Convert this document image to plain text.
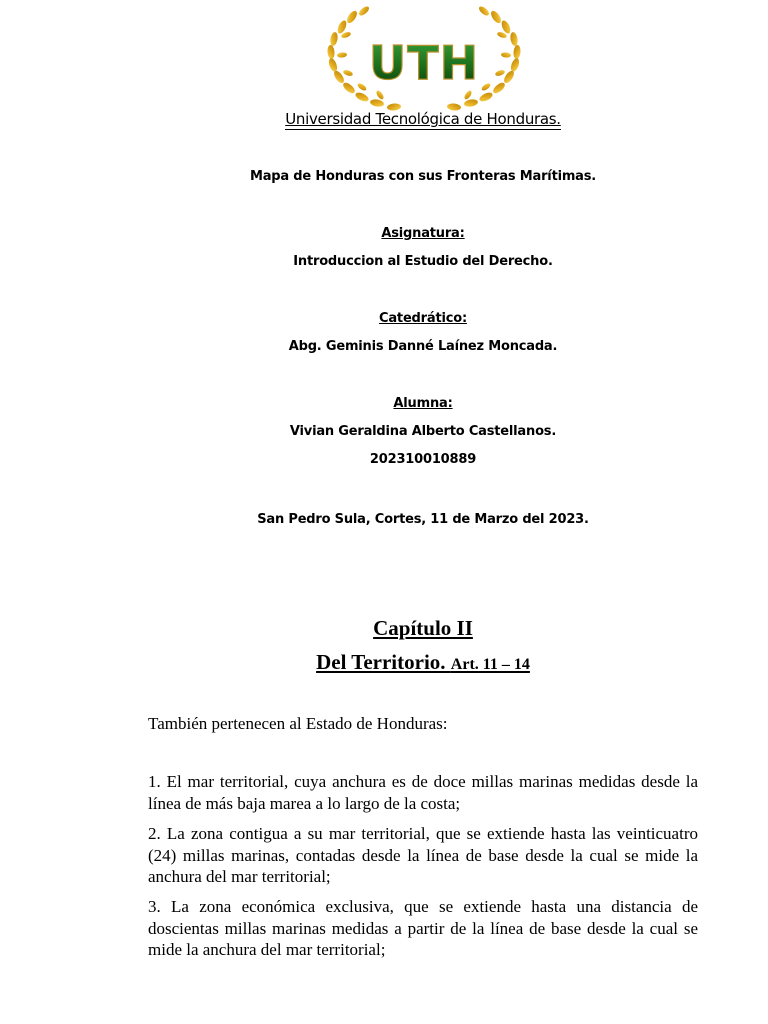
UTH
Universidad Tecnológica de Honduras.
Mapa de Honduras con sus Fronteras Marítimas.
Asignatura:
Introduccion al Estudio del Derecho.
Catedrático:
Abg. Geminis Danné Laínez Moncada.
Alumna:
Vivian Geraldina Alberto Castellanos.
202310010889
San Pedro Sula, Cortes, 11 de Marzo del 2023.
Capítulo II
Del Territorio. Art. 11 – 14
También pertenecen al Estado de Honduras:
1. El mar territorial, cuya anchura es de doce millas marinas medidas desde la línea de más baja marea a lo largo de la costa;
2. La zona contigua a su mar territorial, que se extiende hasta las veinticuatro (24) millas marinas, contadas desde la línea de base desde la cual se mide la anchura del mar territorial;
3. La zona económica exclusiva, que se extiende hasta una distancia de doscientas millas marinas medidas a partir de la línea de base desde la cual se mide la anchura del mar territorial;
